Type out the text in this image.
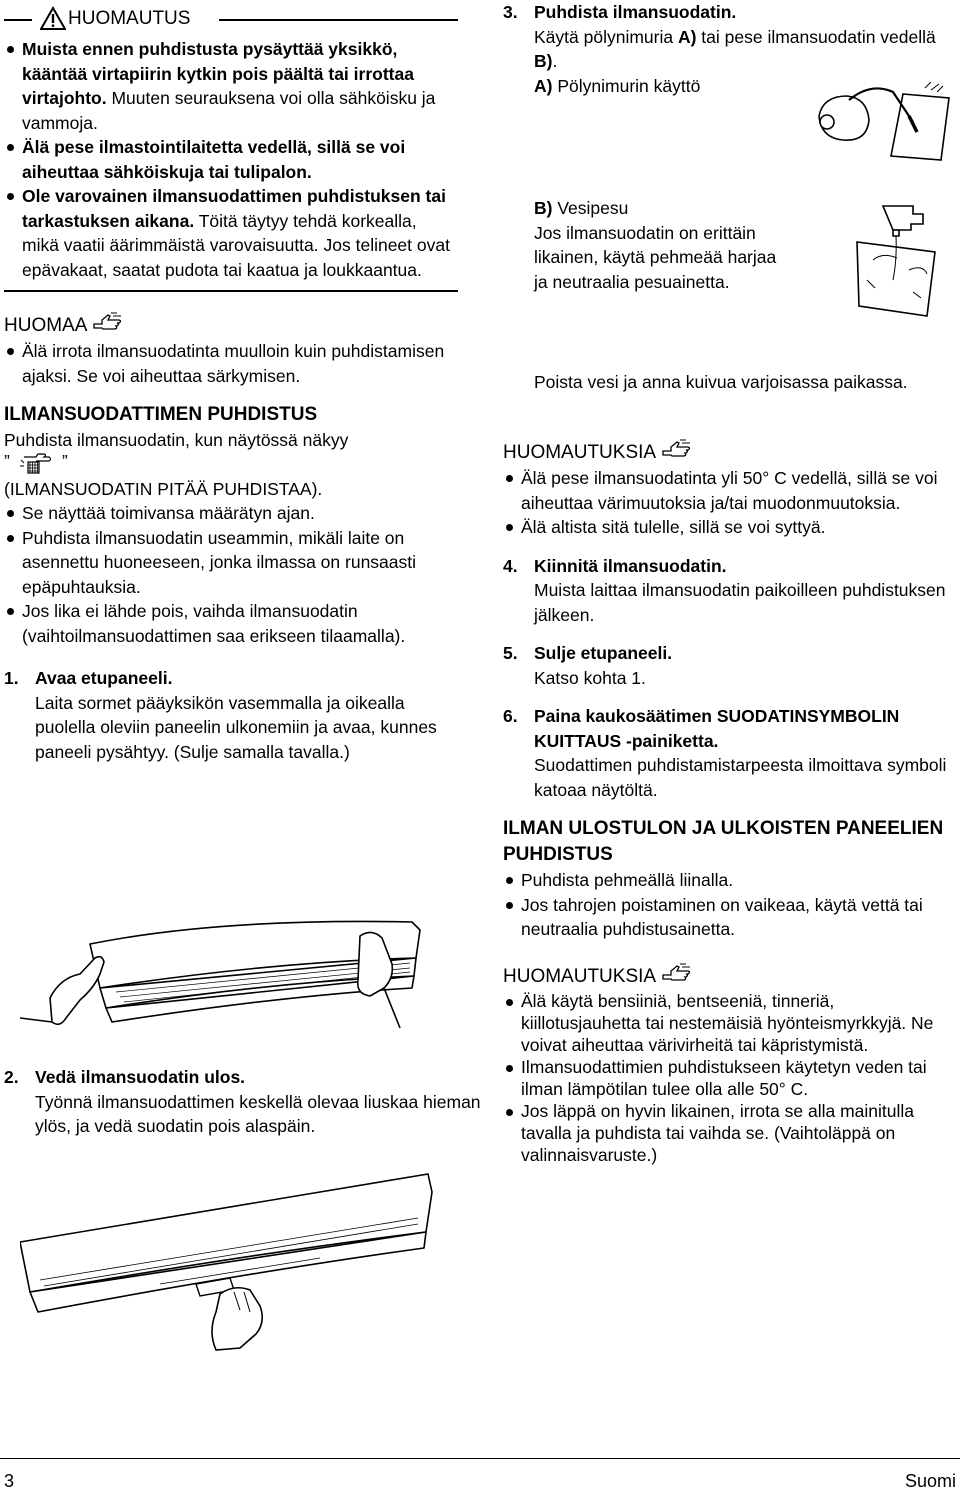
HUOMAUTUS
Muista ennen puhdistusta pysäyttää yksikkö, kääntää virtapiirin kytkin pois päältä tai irrottaa virtajohto. Muuten seurauksena voi olla sähköisku ja vammoja.
Älä pese ilmastointilaitetta vedellä, sillä se voi aiheuttaa sähköiskuja tai tulipalon.
Ole varovainen ilmansuodattimen puhdistuksen tai tarkastuksen aikana. Töitä täytyy tehdä korkealla, mikä vaatii äärimmäistä varovaisuutta. Jos telineet ovat epävakaat, saatat pudota tai kaatua ja loukkaantua.
HUOMAA
Älä irrota ilmansuodatinta muulloin kuin puhdistamisen ajaksi. Se voi aiheuttaa särkymisen.
ILMANSUODATTIMEN PUHDISTUS

Puhdista ilmansuodatin, kun näytössä näkyy

”	”

(ILMANSUODATIN PITÄÄ PUHDISTAA).

Se näyttää toimivansa määrätyn ajan.
Puhdista ilmansuodatin useammin, mikäli laite on asennettu huoneeseen, jonka ilmassa on runsaasti epäpuhtauksia.
Jos lika ei lähde pois, vaihda ilmansuodatin (vaihtoilmansuodattimen saa erikseen tilaamalla).
1. Avaa etupaneeli.
Laita sormet pääyksikön vasemmalla ja oikealla puolella oleviin paneelin ulkonemiin ja avaa, kunnes paneeli pysähtyy. (Sulje samalla tavalla.)
2. Vedä ilmansuodatin ulos.
Työnnä ilmansuodattimen keskellä olevaa liuskaa hieman ylös, ja vedä suodatin pois alaspäin.
3. Puhdista ilmansuodatin.
Käytä pölynimuria A) tai pese ilmansuodatin vedellä B).
A) Pölynimurin käyttö
B) Vesipesu
Jos ilmansuodatin on erittäin likainen, käytä pehmeää harjaa ja neutraalia pesuainetta.
Poista vesi ja anna kuivua varjoisassa paikassa.
HUOMAUTUKSIA
Älä pese ilmansuodatinta yli 50° C vedellä, sillä se voi aiheuttaa värimuutoksia ja/tai muodonmuutoksia.
Älä altista sitä tulelle, sillä se voi syttyä.
4. Kiinnitä ilmansuodatin.
Muista laittaa ilmansuodatin paikoilleen puhdistuksen jälkeen.
5. Sulje etupaneeli.
Katso kohta 1.
6. Paina kaukosäätimen SUODATINSYMBOLIN KUITTAUS -painiketta.
Suodattimen puhdistamistarpeesta ilmoittava symboli katoaa näytöltä.
ILMAN ULOSTULON JA ULKOISTEN PANEELIEN PUHDISTUS
Puhdista pehmeällä liinalla.
Jos tahrojen poistaminen on vaikeaa, käytä vettä tai neutraalia puhdistusainetta.
HUOMAUTUKSIA
Älä käytä bensiiniä, bentseeniä, tinneriä, kiillotusjauhetta tai nestemäisiä hyönteismyrkkyjä. Ne voivat aiheuttaa värivirheitä tai käpristymistä.
Ilmansuodattimien puhdistukseen käytetyn veden tai ilman lämpötilan tulee olla alle 50° C.
Jos läppä on hyvin likainen, irrota se alla mainitulla tavalla ja puhdista tai vaihda se. (Vaihtoläppä on valinnaisvaruste.)
3	Suomi
